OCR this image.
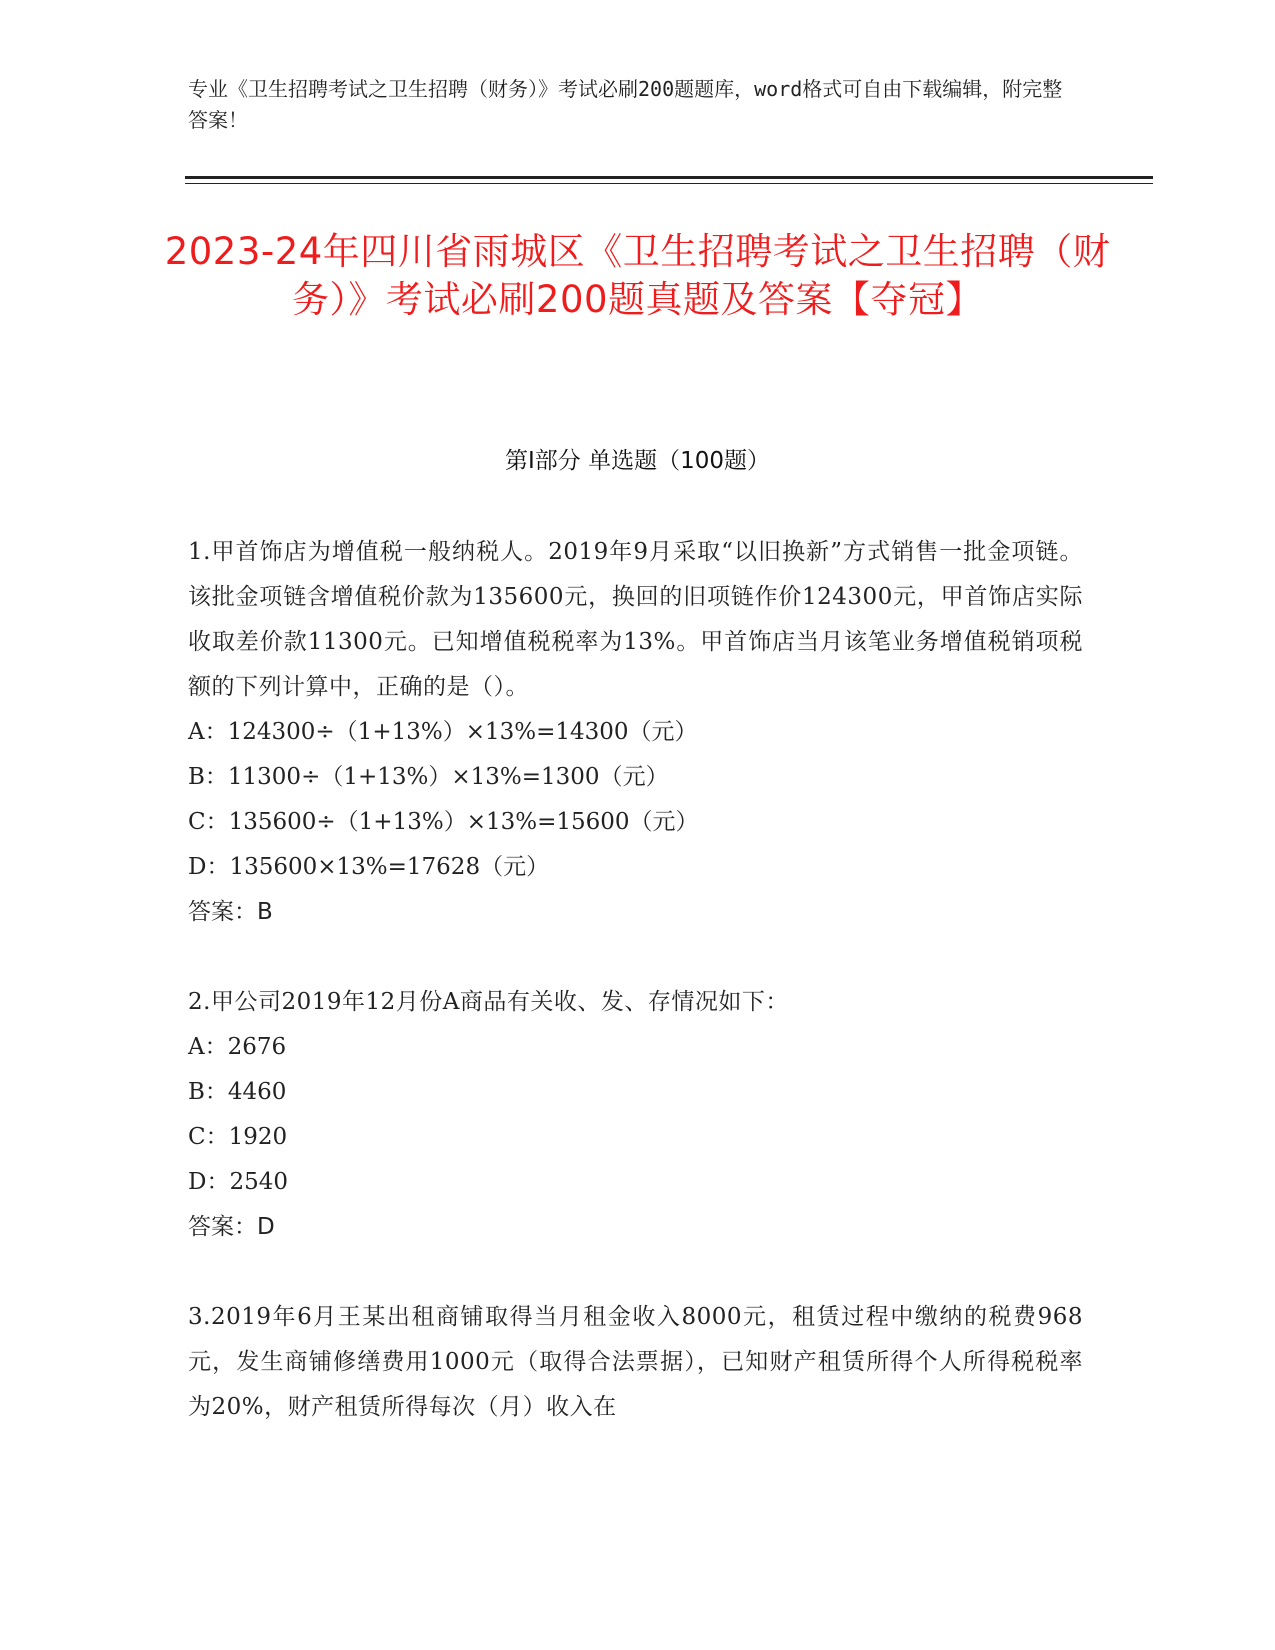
专业《卫生招聘考试之卫生招聘（财务）》考试必刷200题题库，word格式可自由下载编辑，附完整答案！
2023-24年四川省雨城区《卫生招聘考试之卫生招聘（财务）》考试必刷200题真题及答案【夺冠】
第I部分 单选题（100题）

1.甲首饰店为增值税一般纳税人。2019年9月采取“以旧换新”方式销售一批金项链。该批金项链含增值税价款为135600元，换回的旧项链作价124300元，甲首饰店实际收取差价款11300元。已知增值税税率为13%。甲首饰店当月该笔业务增值税销项税额的下列计算中，正确的是（）。

A：124300÷（1+13%）×13%=14300（元）

B：11300÷（1+13%）×13%=1300（元）

C：135600÷（1+13%）×13%=15600（元）

D：135600×13%=17628（元）

答案：B

2.甲公司2019年12月份A商品有关收、发、存情况如下：

A：2676

B：4460

C：1920

D：2540

答案：D

3.2019年6月王某出租商铺取得当月租金收入8000元，租赁过程中缴纳的税费968元，发生商铺修缮费用1000元（取得合法票据），已知财产租赁所得个人所得税税率为20%，财产租赁所得每次（月）收入在
